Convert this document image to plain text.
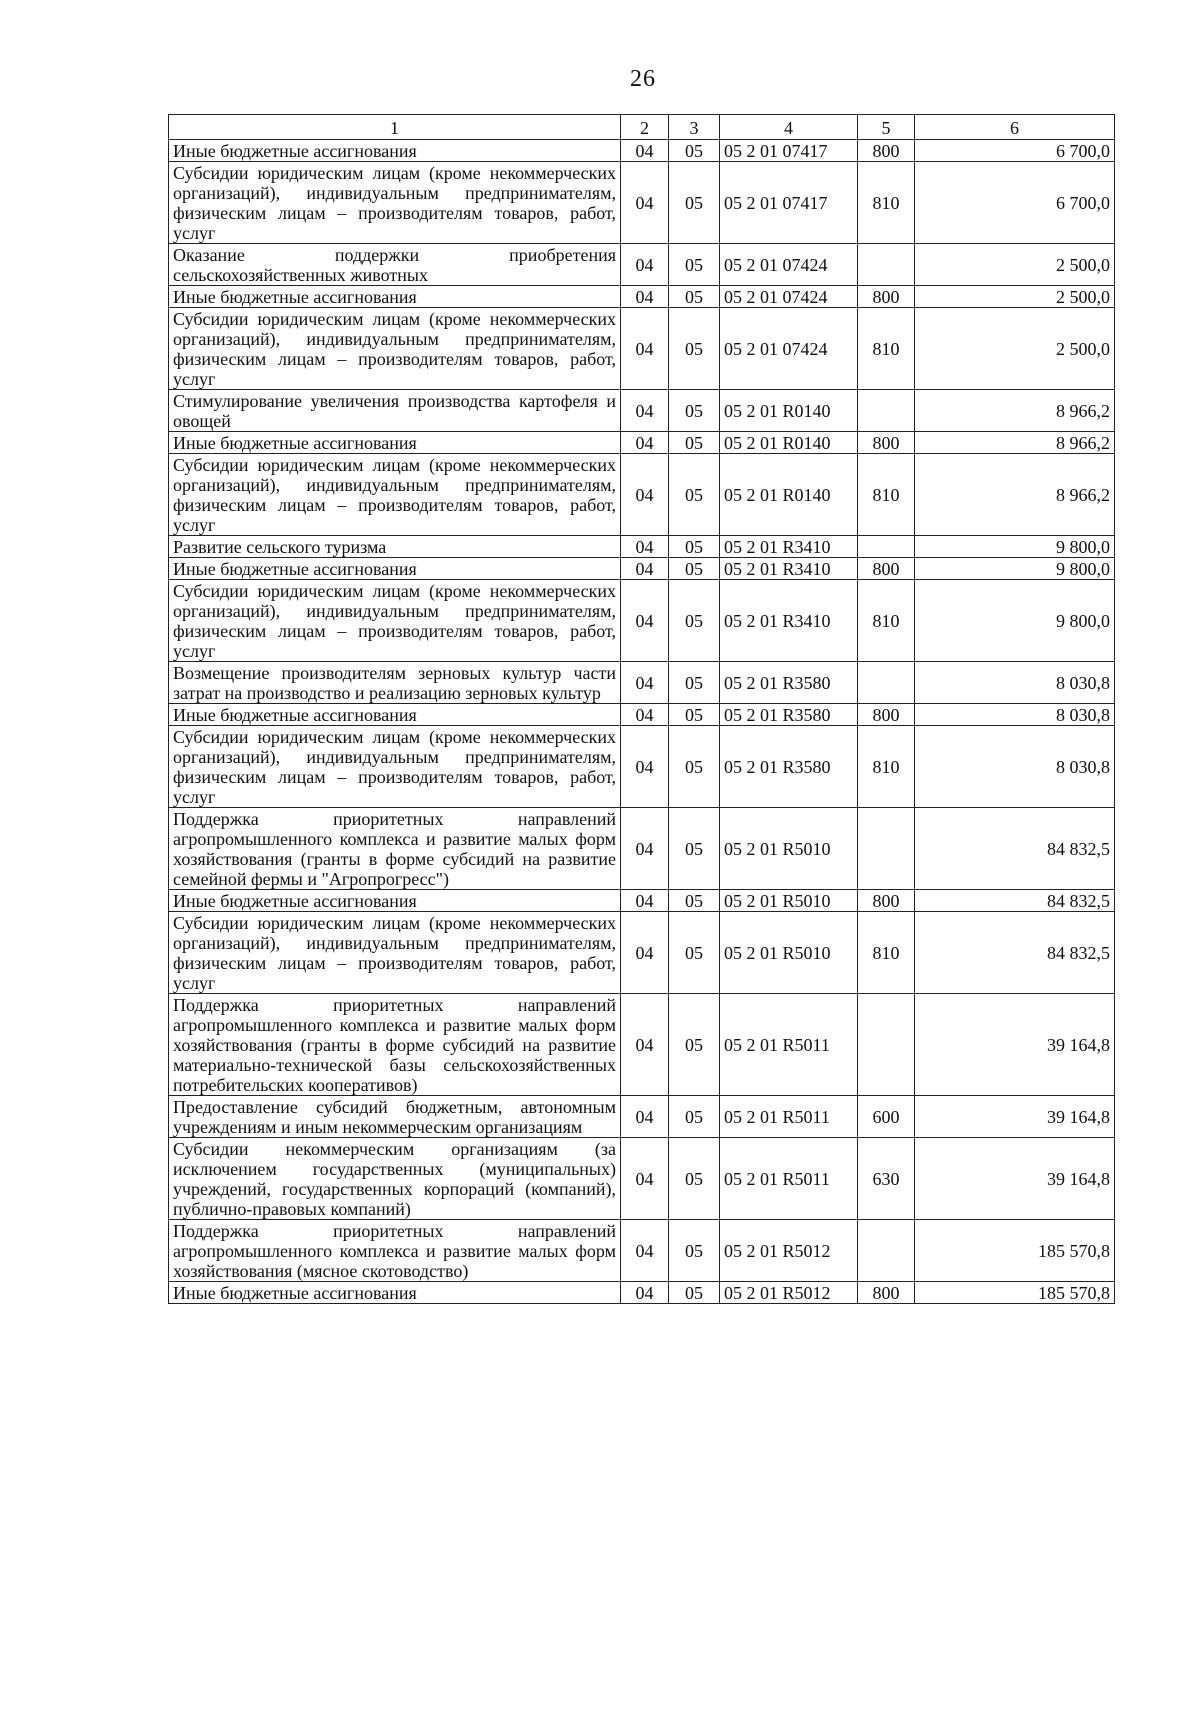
26
1	2	3	4	5	6
Иные бюджетные ассигнования	04	05	05 2 01 07417	800	6 700,0
Субсидии юридическим лицам (кроме некоммерческих организаций), индивидуальным предпринимателям, физическим лицам – производителям товаров, работ, услуг	04	05	05 2 01 07417	810	6 700,0
Оказание поддержки приобретения сельскохозяйственных животных	04	05	05 2 01 07424		2 500,0
Иные бюджетные ассигнования	04	05	05 2 01 07424	800	2 500,0
Субсидии юридическим лицам (кроме некоммерческих организаций), индивидуальным предпринимателям, физическим лицам – производителям товаров, работ, услуг	04	05	05 2 01 07424	810	2 500,0
Стимулирование увеличения производства картофеля и овощей	04	05	05 2 01 R0140		8 966,2
Иные бюджетные ассигнования	04	05	05 2 01 R0140	800	8 966,2
Субсидии юридическим лицам (кроме некоммерческих организаций), индивидуальным предпринимателям, физическим лицам – производителям товаров, работ, услуг	04	05	05 2 01 R0140	810	8 966,2
Развитие сельского туризма	04	05	05 2 01 R3410		9 800,0
Иные бюджетные ассигнования	04	05	05 2 01 R3410	800	9 800,0
Субсидии юридическим лицам (кроме некоммерческих организаций), индивидуальным предпринимателям, физическим лицам – производителям товаров, работ, услуг	04	05	05 2 01 R3410	810	9 800,0
Возмещение производителям зерновых культур части затрат на производство и реализацию зерновых культур	04	05	05 2 01 R3580		8 030,8
Иные бюджетные ассигнования	04	05	05 2 01 R3580	800	8 030,8
Субсидии юридическим лицам (кроме некоммерческих организаций), индивидуальным предпринимателям, физическим лицам – производителям товаров, работ, услуг	04	05	05 2 01 R3580	810	8 030,8
Поддержка приоритетных направлений агропромышленного комплекса и развитие малых форм хозяйствования (гранты в форме субсидий на развитие семейной фермы и "Агропрогресс")	04	05	05 2 01 R5010		84 832,5
Иные бюджетные ассигнования	04	05	05 2 01 R5010	800	84 832,5
Субсидии юридическим лицам (кроме некоммерческих организаций), индивидуальным предпринимателям, физическим лицам – производителям товаров, работ, услуг	04	05	05 2 01 R5010	810	84 832,5
Поддержка приоритетных направлений агропромышленного комплекса и развитие малых форм хозяйствования (гранты в форме субсидий на развитие материально-технической базы сельскохозяйственных потребительских кооперативов)	04	05	05 2 01 R5011		39 164,8
Предоставление субсидий бюджетным, автономным учреждениям и иным некоммерческим организациям	04	05	05 2 01 R5011	600	39 164,8
Субсидии некоммерческим организациям (за исключением государственных (муниципальных) учреждений, государственных корпораций (компаний), публично-правовых компаний)	04	05	05 2 01 R5011	630	39 164,8
Поддержка приоритетных направлений агропромышленного комплекса и развитие малых форм хозяйствования (мясное скотоводство)	04	05	05 2 01 R5012		185 570,8
Иные бюджетные ассигнования	04	05	05 2 01 R5012	800	185 570,8
